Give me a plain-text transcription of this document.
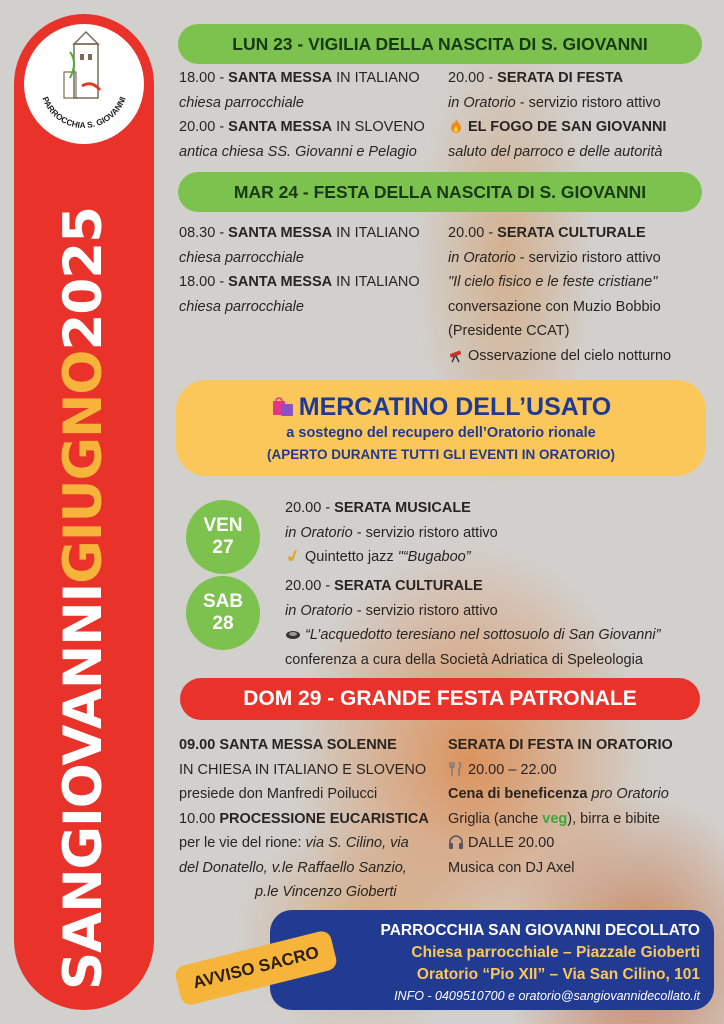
PARROCCHIA S. GIOVANNI
SANGIOVANNIGIUGNO2025
LUN 23 - VIGILIA DELLA NASCITA DI S. GIOVANNI
18.00 - SANTA MESSA IN ITALIANO
chiesa parrocchiale
20.00 - SANTA MESSA IN SLOVENO
antica chiesa SS. Giovanni e Pelagio
20.00 - SERATA DI FESTA
in Oratorio - servizio ristoro attivo
EL FOGO DE SAN GIOVANNI
saluto del parroco e delle autorità
MAR 24 - FESTA DELLA NASCITA DI S. GIOVANNI
08.30 - SANTA MESSA IN ITALIANO
chiesa parrocchiale
18.00 - SANTA MESSA IN ITALIANO
chiesa parrocchiale
20.00 - SERATA CULTURALE
in Oratorio - servizio ristoro attivo
"Il cielo fisico e le feste cristiane"
conversazione con Muzio Bobbio
(Presidente CCAT)
Osservazione del cielo notturno
MERCATINO DELL’USATO
a sostegno del recupero dell’Oratorio rionale
(APERTO DURANTE TUTTI GLI EVENTI IN ORATORIO)
VEN
27
20.00 - SERATA MUSICALE
in Oratorio - servizio ristoro attivo
Quintetto jazz "“Bugaboo”
SAB
28
20.00 - SERATA CULTURALE
in Oratorio - servizio ristoro attivo
“L’acquedotto teresiano nel sottosuolo di San Giovanni”
conferenza a cura della Società Adriatica di Speleologia
DOM 29 - GRANDE FESTA PATRONALE
09.00 SANTA MESSA SOLENNE
IN CHIESA IN ITALIANO E SLOVENO
presiede don Manfredi Poilucci
10.00 PROCESSIONE EUCARISTICA
per le vie del rione: via S. Cilino, via
del Donatello, v.le Raffaello Sanzio,
p.le Vincenzo Gioberti
SERATA DI FESTA IN ORATORIO
20.00 – 22.00
Cena di beneficenza pro Oratorio
Griglia (anche veg), birra e bibite
DALLE 20.00
Musica con DJ Axel
PARROCCHIA SAN GIOVANNI DECOLLATO
Chiesa parrocchiale – Piazzale Gioberti
Oratorio “Pio XII” – Via San Cilino, 101
INFO - 0409510700 e oratorio@sangiovannidecollato.it
AVVISO SACRO
